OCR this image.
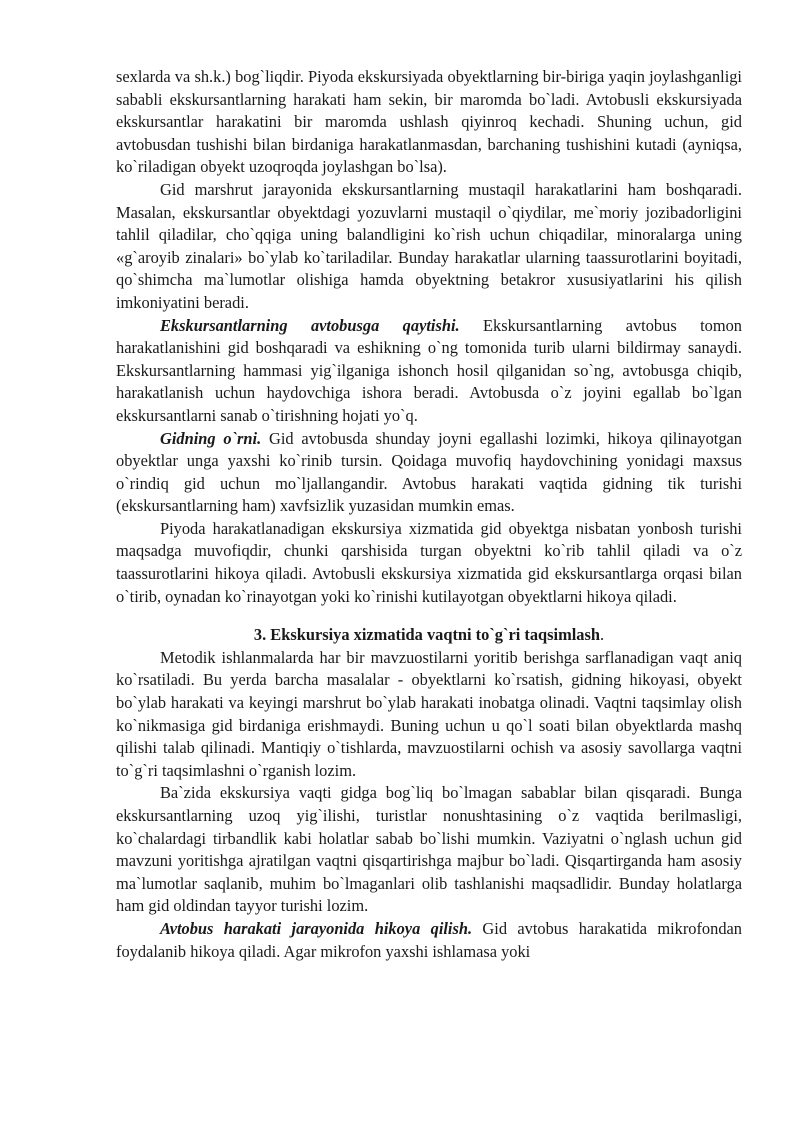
sexlarda va sh.k.) bog`liqdir. Piyoda ekskursiyada obyektlarning bir-biriga yaqin joylashganligi sababli ekskursantlarning harakati ham sekin, bir maromda bo`ladi. Avtobusli ekskursiyada ekskursantlar harakatini bir maromda ushlash qiyinroq kechadi. Shuning uchun, gid avtobusdan tushishi bilan birdaniga harakatlanmasdan, barchaning tushishini kutadi (ayniqsa, ko`riladigan obyekt uzoqroqda joylashgan bo`lsa).

Gid marshrut jarayonida ekskursantlarning mustaqil harakatlarini ham boshqaradi. Masalan, ekskursantlar obyektdagi yozuvlarni mustaqil o`qiydilar, me`moriy jozibadorligini tahlil qiladilar, cho`qqiga uning balandligini ko`rish uchun chiqadilar, minoralarga uning «g`aroyib zinalari» bo`ylab ko`tariladilar. Bunday harakatlar ularning taassurotlarini boyitadi, qo`shimcha ma`lumotlar olishiga hamda obyektning betakror xususiyatlarini his qilish imkoniyatini beradi.

Ekskursantlarning avtobusga qaytishi. Ekskursantlarning avtobus tomon harakatlanishini gid boshqaradi va eshikning o`ng tomonida turib ularni bildirmay sanaydi. Ekskursantlarning hammasi yig`ilganiga ishonch hosil qilganidan so`ng, avtobusga chiqib, harakatlanish uchun haydovchiga ishora beradi. Avtobusda o`z joyini egallab bo`lgan ekskursantlarni sanab o`tirishning hojati yo`q.

Gidning o`rni. Gid avtobusda shunday joyni egallashi lozimki, hikoya qilinayotgan obyektlar unga yaxshi ko`rinib tursin. Qoidaga muvofiq haydovchining yonidagi maxsus o`rindiq gid uchun mo`ljallangandir. Avtobus harakati vaqtida gidning tik turishi (ekskursantlarning ham) xavfsizlik yuzasidan mumkin emas.

Piyoda harakatlanadigan ekskursiya xizmatida gid obyektga nisbatan yonbosh turishi maqsadga muvofiqdir, chunki qarshisida turgan obyektni ko`rib tahlil qiladi va o`z taassurotlarini hikoya qiladi. Avtobusli ekskursiya xizmatida gid ekskursantlarga orqasi bilan o`tirib, oynadan ko`rinayotgan yoki ko`rinishi kutilayotgan obyektlarni hikoya qiladi.

3. Ekskursiya xizmatida vaqtni to`g`ri taqsimlash.

Metodik ishlanmalarda har bir mavzuostilarni yoritib berishga sarflanadigan vaqt aniq ko`rsatiladi. Bu yerda barcha masalalar - obyektlarni ko`rsatish, gidning hikoyasi, obyekt bo`ylab harakati va keyingi marshrut bo`ylab harakati inobatga olinadi. Vaqtni taqsimlay olish ko`nikmasiga gid birdaniga erishmaydi. Buning uchun u qo`l soati bilan obyektlarda mashq qilishi talab qilinadi. Mantiqiy o`tishlarda, mavzuostilarni ochish va asosiy savollarga vaqtni to`g`ri taqsimlashni o`rganish lozim.

Ba`zida ekskursiya vaqti gidga bog`liq bo`lmagan sabablar bilan qisqaradi. Bunga ekskursantlarning uzoq yig`ilishi, turistlar nonushtasining o`z vaqtida berilmasligi, ko`chalardagi tirbandlik kabi holatlar sabab bo`lishi mumkin. Vaziyatni o`nglash uchun gid mavzuni yoritishga ajratilgan vaqtni qisqartirishga majbur bo`ladi. Qisqartirganda ham asosiy ma`lumotlar saqlanib, muhim bo`lmaganlari olib tashlanishi maqsadlidir. Bunday holatlarga ham gid oldindan tayyor turishi lozim.

Avtobus harakati jarayonida hikoya qilish. Gid avtobus harakatida mikrofondan foydalanib hikoya qiladi. Agar mikrofon yaxshi ishlamasa yoki
